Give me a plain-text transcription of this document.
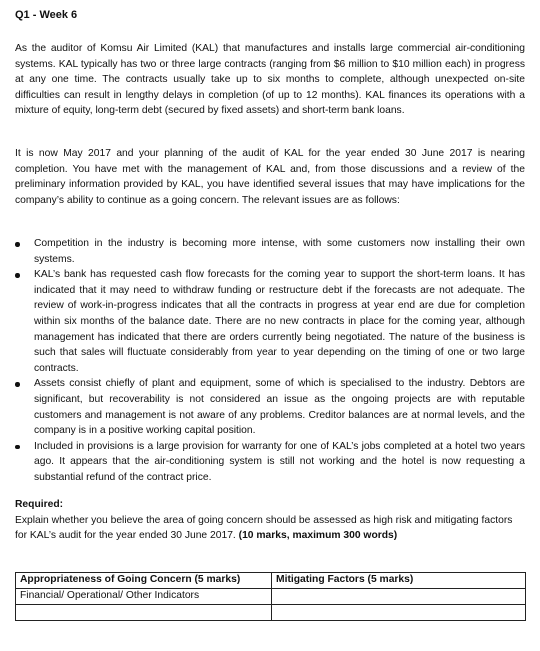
Q1 - Week 6

As the auditor of Komsu Air Limited (KAL) that manufactures and installs large commercial air-conditioning systems. KAL typically has two or three large contracts (ranging from $6 million to $10 million each) in progress at any one time. The contracts usually take up to six months to complete, although unexpected on-site difficulties can result in lengthy delays in completion (of up to 12 months). KAL finances its operations with a mixture of equity, long-term debt (secured by fixed assets) and short-term bank loans.

It is now May 2017 and your planning of the audit of KAL for the year ended 30 June 2017 is nearing completion. You have met with the management of KAL and, from those discussions and a review of the preliminary information provided by KAL, you have identified several issues that may have implications for the company’s ability to continue as a going concern. The relevant issues are as follows:

Competition in the industry is becoming more intense, with some customers now installing their own systems.
KAL’s bank has requested cash flow forecasts for the coming year to support the short-term loans. It has indicated that it may need to withdraw funding or restructure debt if the forecasts are not adequate. The review of work-in-progress indicates that all the contracts in progress at year end are due for completion within six months of the balance date. There are no new contracts in place for the coming year, although management has indicated that there are orders currently being negotiated. The nature of the business is such that sales will fluctuate considerably from year to year depending on the timing of one or two large contracts.
Assets consist chiefly of plant and equipment, some of which is specialised to the industry. Debtors are significant, but recoverability is not considered an issue as the ongoing projects are with reputable customers and management is not aware of any problems. Creditor balances are at normal levels, and the company is in a positive working capital position.
Included in provisions is a large provision for warranty for one of KAL’s jobs completed at a hotel two years ago. It appears that the air-conditioning system is still not working and the hotel is now requesting a substantial refund of the contract price.
Required:
Explain whether you believe the area of going concern should be assessed as high risk and mitigating factors for KAL’s audit for the year ended 30 June 2017. (10 marks, maximum 300 words)
Appropriateness of Going Concern (5 marks)	Mitigating Factors (5 marks)
Financial/ Operational/ Other Indicators	
